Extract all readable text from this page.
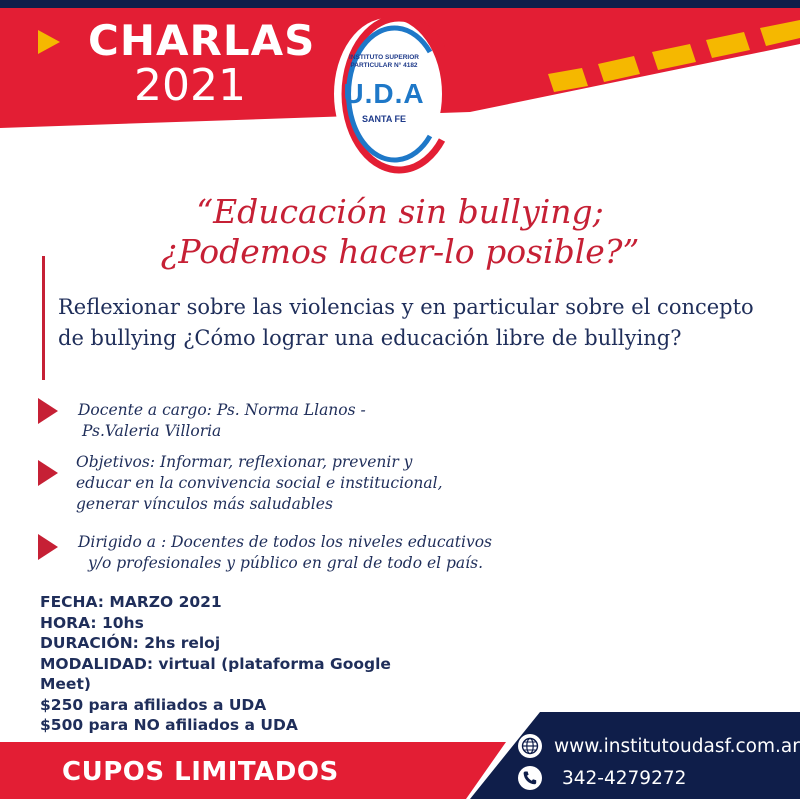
CHARLAS
2021
INSTITUTO SUPERIOR
PARTICULAR N° 4182
U.D.A
SANTA FE
“Educación sin bullying;
¿Podemos hacer-lo posible?”
Reflexionar sobre las violencias y en particular sobre el concepto
de bullying ¿Cómo lograr una educación libre de bullying?
Docente a cargo: Ps. Norma Llanos -
Ps.Valeria Villoria
Objetivos: Informar, reflexionar, prevenir y
educar en la convivencia social e institucional,
generar vínculos más saludables
Dirigido a : Docentes de todos los niveles educativos
y/o profesionales y público en gral de todo el país.
FECHA: MARZO 2021
HORA: 10hs
DURACIÓN: 2hs reloj
MODALIDAD: virtual (plataforma Google
Meet)
$250 para afiliados a UDA
$500 para NO afiliados a UDA
CUPOS LIMITADOS
www.institutoudasf.com.ar
342-4279272
